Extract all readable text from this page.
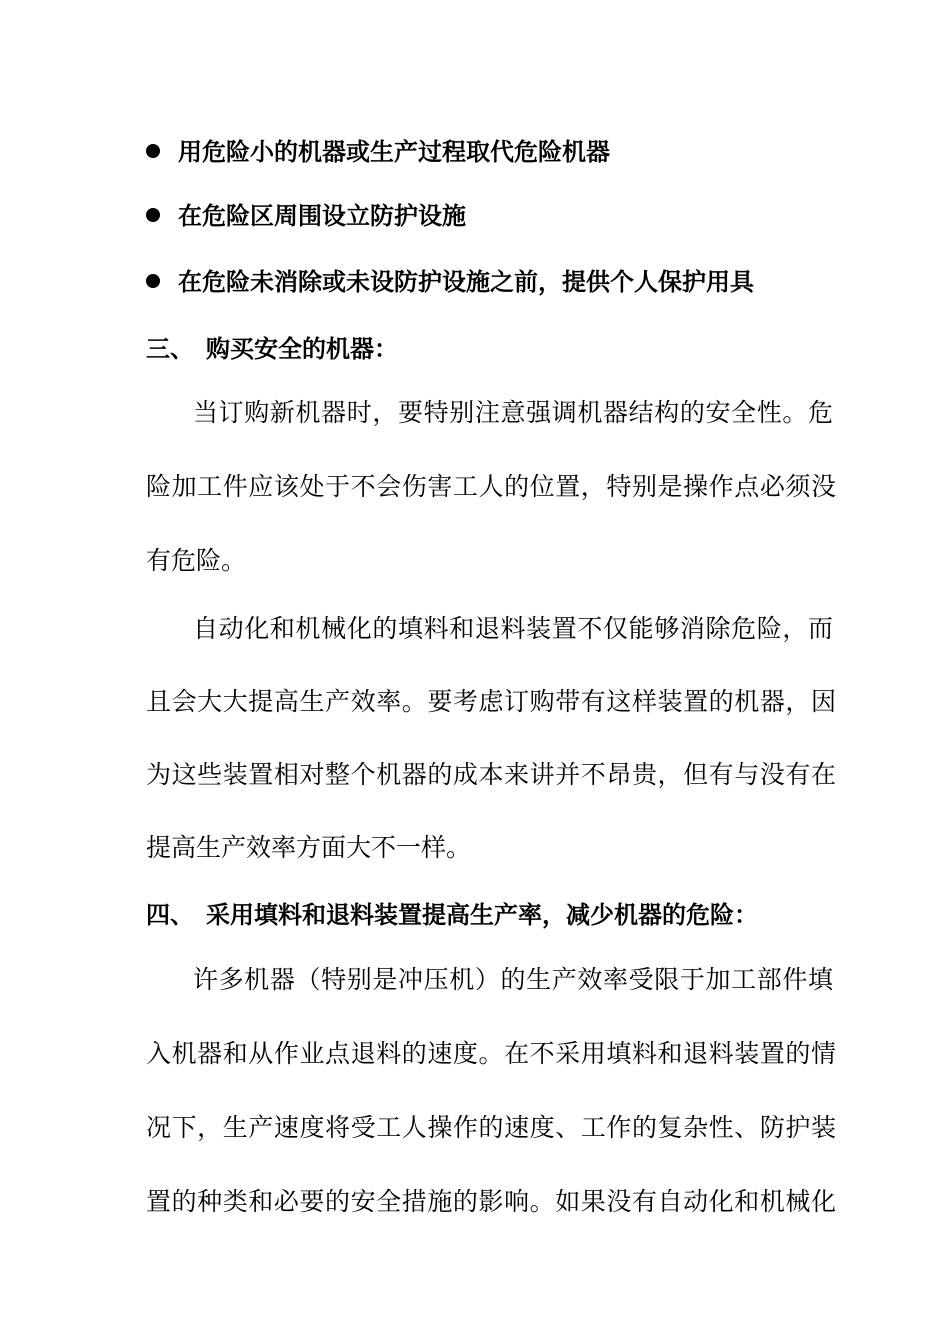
用危险小的机器或生产过程取代危险机器
在危险区周围设立防护设施
在危险未消除或未设防护设施之前，提供个人保护用具
三、 购买安全的机器：
当订购新机器时，要特别注意强调机器结构的安全性。危
险加工件应该处于不会伤害工人的位置，特别是操作点必须没
有危险。
自动化和机械化的填料和退料装置不仅能够消除危险，而
且会大大提高生产效率。要考虑订购带有这样装置的机器，因
为这些装置相对整个机器的成本来讲并不昂贵，但有与没有在
提高生产效率方面大不一样。
四、 采用填料和退料装置提高生产率，减少机器的危险：
许多机器（特别是冲压机）的生产效率受限于加工部件填
入机器和从作业点退料的速度。在不采用填料和退料装置的情
况下，生产速度将受工人操作的速度、工作的复杂性、防护装
置的种类和必要的安全措施的影响。如果没有自动化和机械化
